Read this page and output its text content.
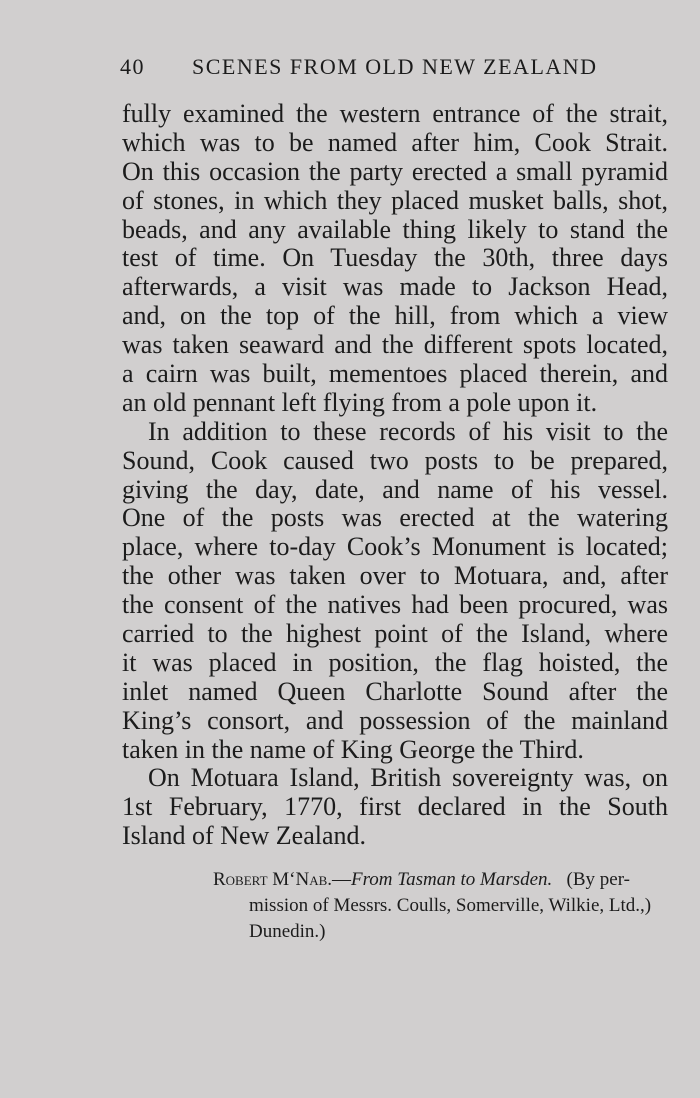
40 SCENES FROM OLD NEW ZEALAND
fully examined the western entrance of the strait,
which was to be named after him, Cook Strait.
On this occasion the party erected a small pyramid
of stones, in which they placed musket balls, shot,
beads, and any available thing likely to stand the
test of time. On Tuesday the 30th, three days
afterwards, a visit was made to Jackson Head,
and, on the top of the hill, from which a view
was taken seaward and the different spots located,
a cairn was built, mementoes placed therein, and
an old pennant left flying from a pole upon it.
In addition to these records of his visit to the
Sound, Cook caused two posts to be prepared,
giving the day, date, and name of his vessel.
One of the posts was erected at the watering
place, where to-day Cook’s Monument is located;
the other was taken over to Motuara, and, after
the consent of the natives had been procured, was
carried to the highest point of the Island, where
it was placed in position, the flag hoisted, the
inlet named Queen Charlotte Sound after the
King’s consort, and possession of the mainland
taken in the name of King George the Third.
On Motuara Island, British sovereignty was, on
1st February, 1770, first declared in the South
Island of New Zealand.
Robert M‘Nab.—From Tasman to Marsden. (By per-
mission of Messrs. Coulls, Somerville, Wilkie, Ltd.,)
Dunedin.)
